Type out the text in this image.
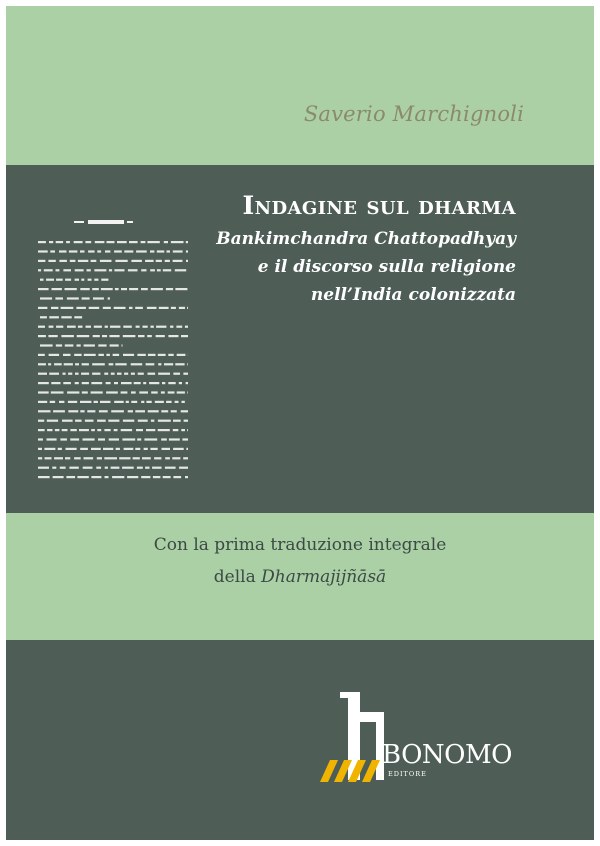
Saverio Marchignoli
Indagine sul dharma
Bankimchandra Chattopadhyay
e il discorso sulla religione
nell’India colonizzata
Con la prima traduzione integrale
della Dharmajijñāsā
BONOMO
EDITORE
